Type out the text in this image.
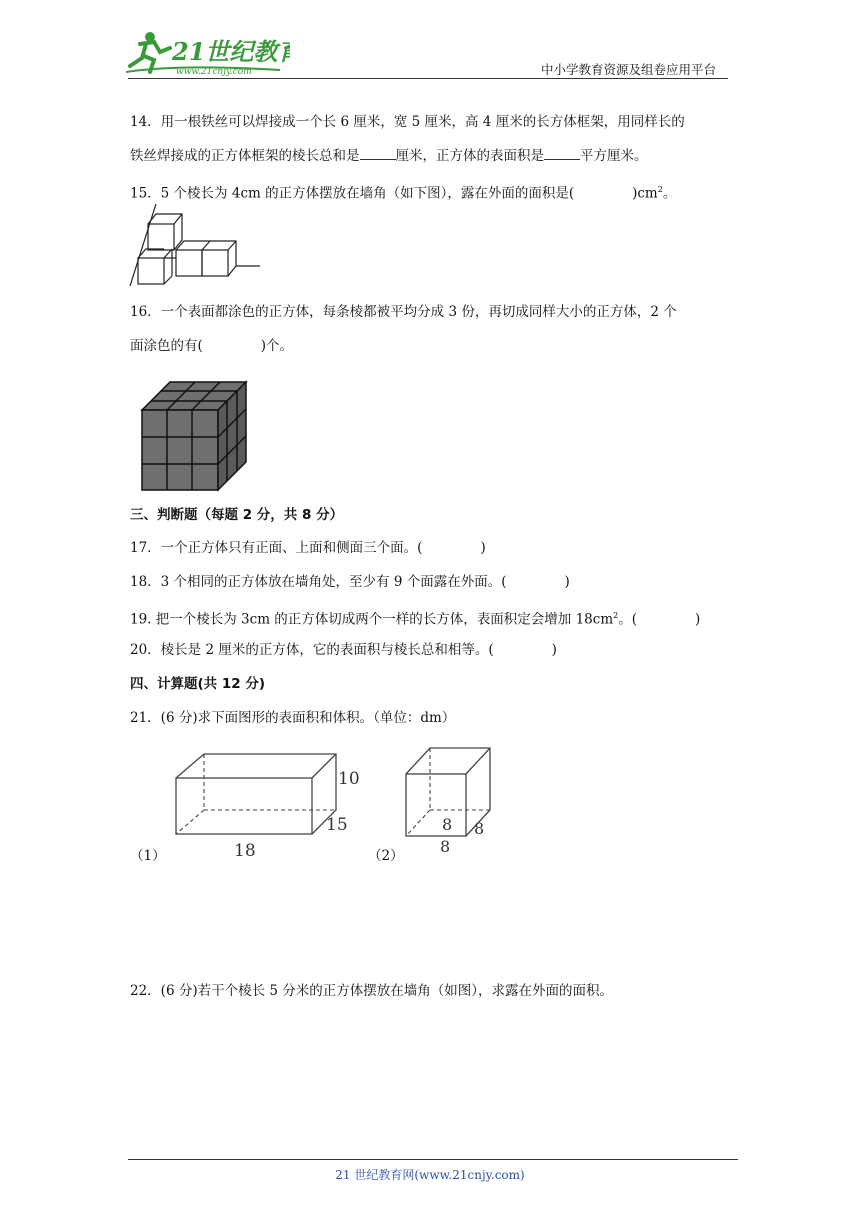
21世纪教育
www.21cnjy.com	中小学教育资源及组卷应用平台
14．用一根铁丝可以焊接成一个长 6 厘米，宽 5 厘米，高 4 厘米的长方体框架，用同样长的
铁丝焊接成的正方体框架的棱长总和是	厘米，正方体的表面积是	平方厘米。
15．5 个棱长为 4cm 的正方体摆放在墙角（如下图），露在外面的面积是(	)$cm^2$。
16．一个表面都涂色的正方体，每条棱都被平均分成 3 份，再切成同样大小的正方体，2 个
面涂色的有(	)个。
三、判断题（每题 2 分，共 8 分）
17．一个正方体只有正面、上面和侧面三个面。(	)
18．3 个相同的正方体放在墙角处，至少有 9 个面露在外面。(	)
19. 把一个棱长为 3cm 的正方体切成两个一样的长方体，表面积定会增加 $18cm^2$。(	)
20．棱长是 2 厘米的正方体，它的表面积与棱长总和相等。(	)
四、计算题(共 12 分)
21．(6 分)求下面图形的表面积和体积。（单位：dm）
10
15
18
（1）
8 8
8
（2）
22．(6 分)若干个棱长 5 分米的正方体摆放在墙角（如图），求露在外面的面积。
21 世纪教育网(www.21cnjy.com)
